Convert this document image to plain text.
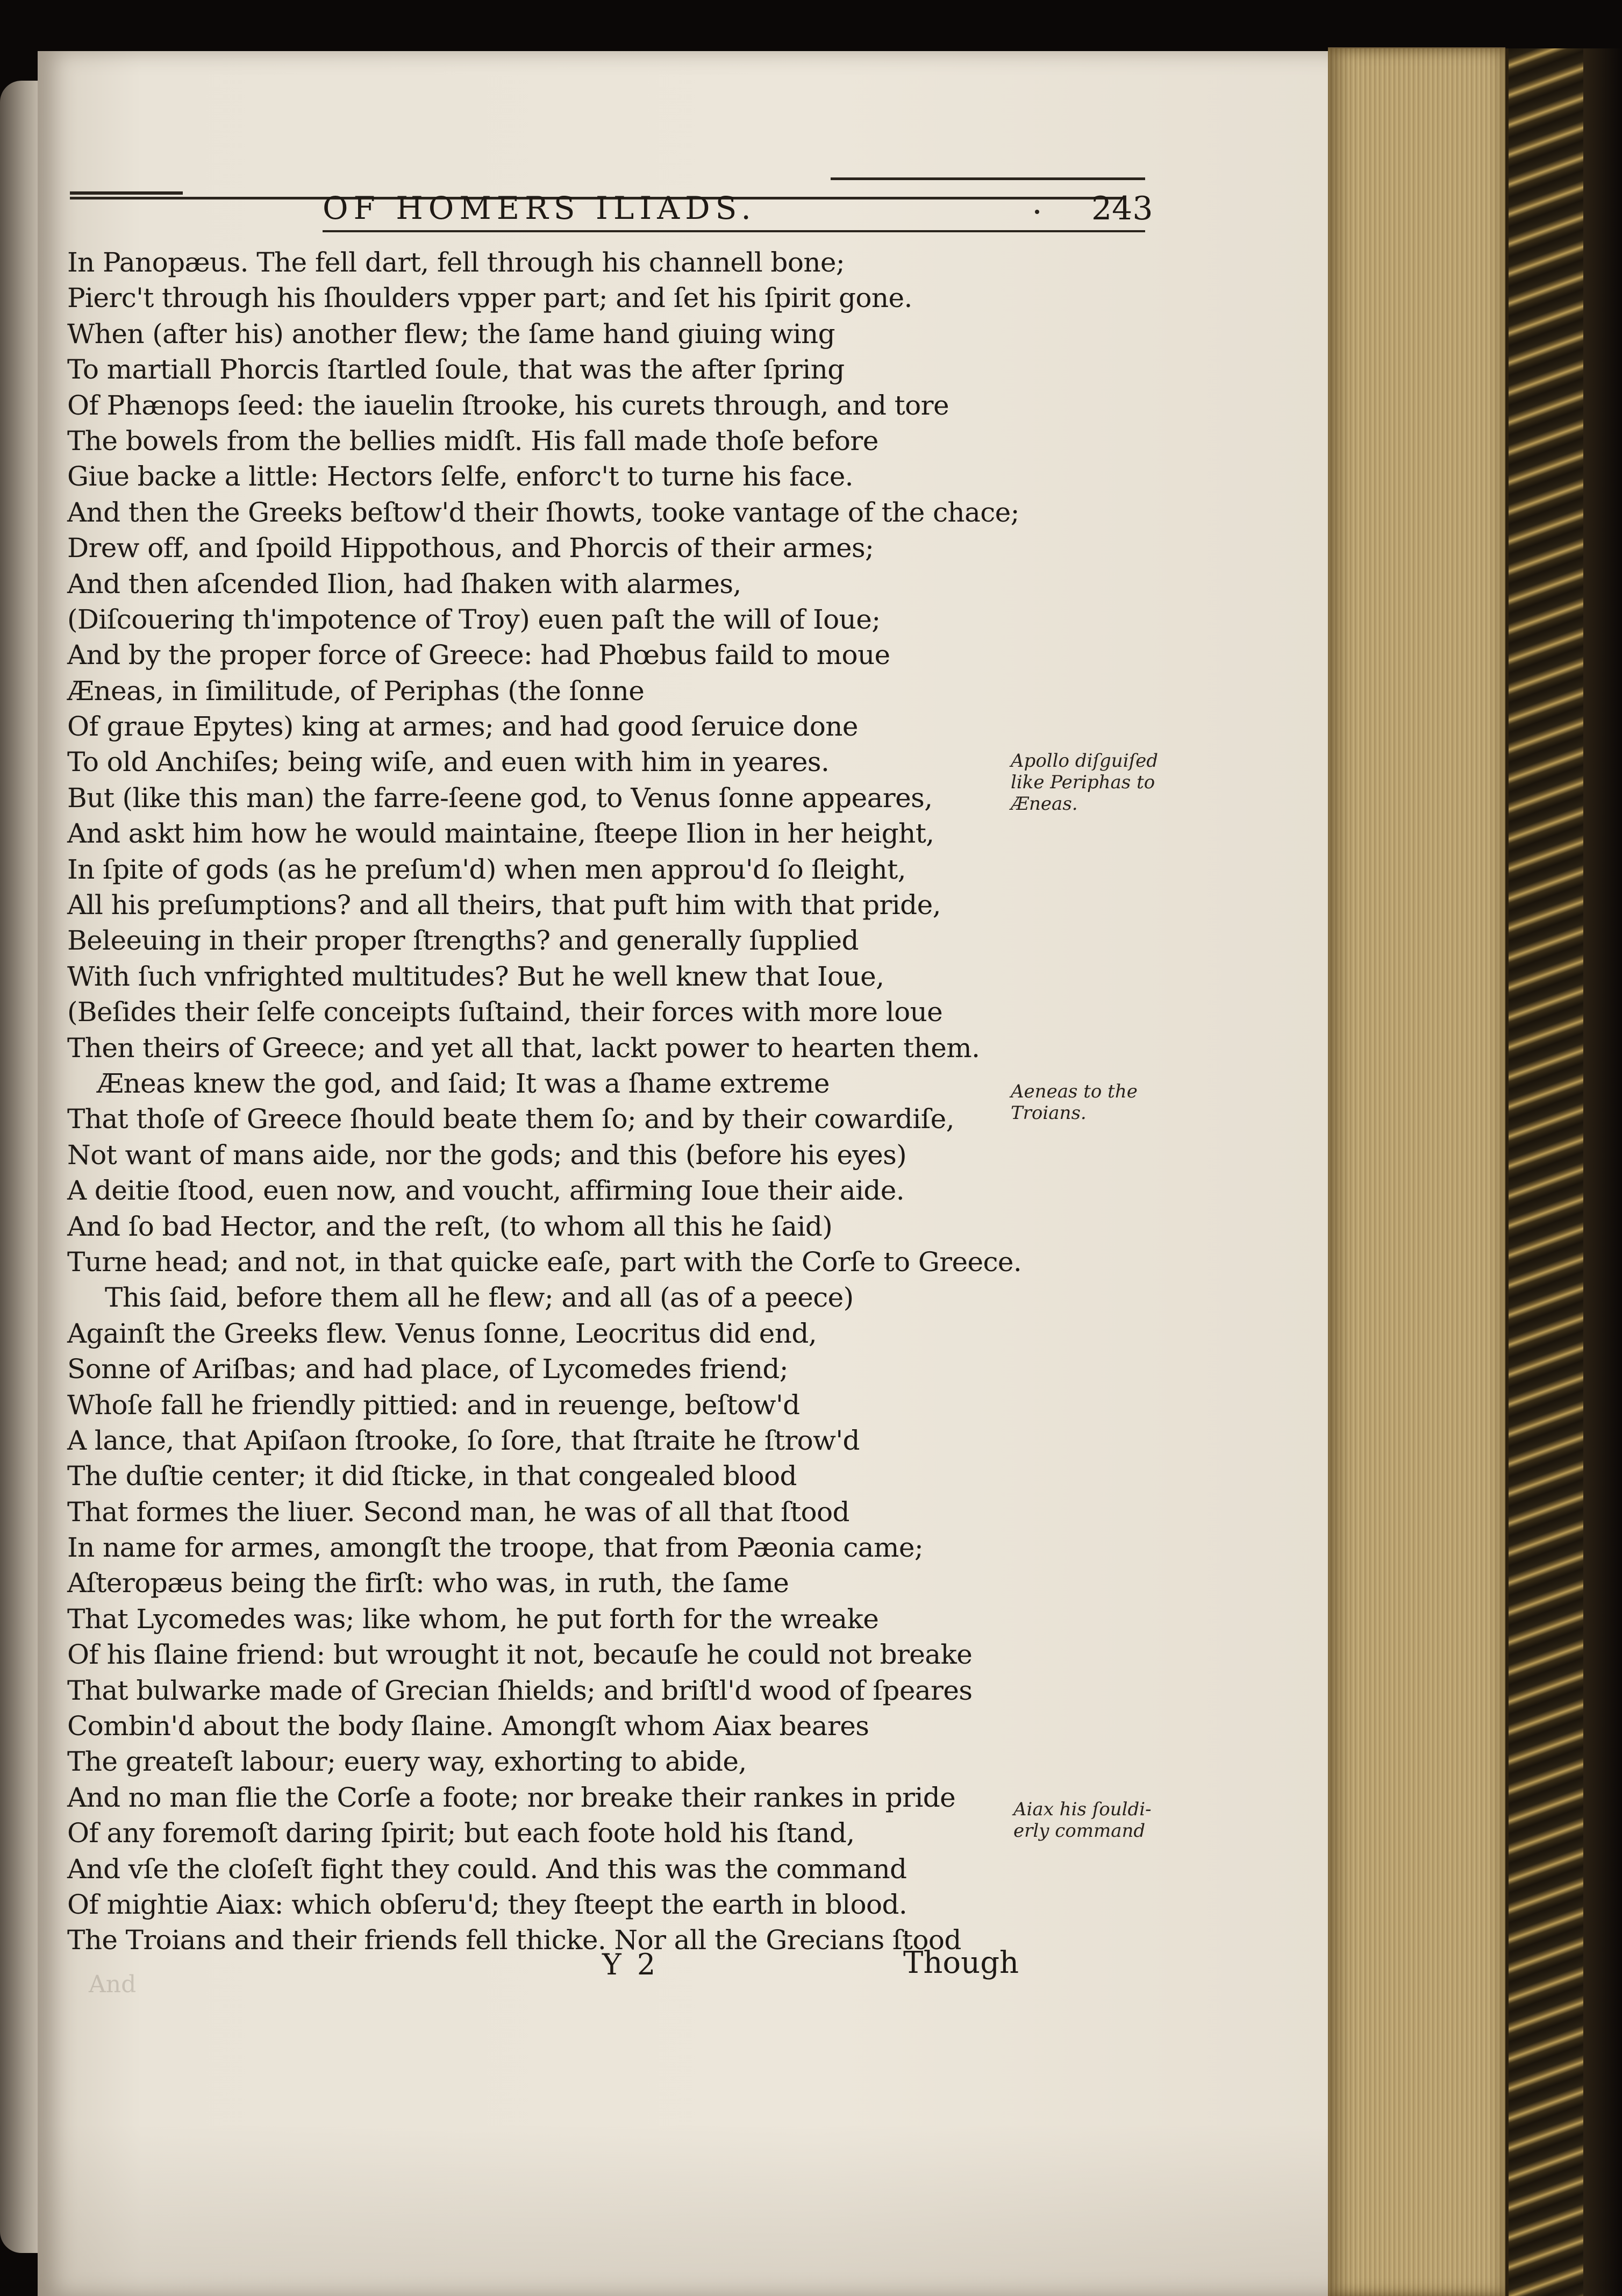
OF HOMERS ILIADS.	243
In Panopæus. The fell dart, fell through his channell bone;
Pierc't through his ſhoulders vpper part; and ſet his ſpirit gone.
When (after his) another flew; the ſame hand giuing wing
To martiall Phorcis ſtartled ſoule, that was the after ſpring
Of Phænops ſeed: the iauelin ſtrooke, his curets through, and tore
The bowels from the bellies midſt. His fall made thoſe before
Giue backe a little: Hectors ſelfe, enforc't to turne his face.
And then the Greeks beſtow'd their ſhowts, tooke vantage of the chace;
Drew off, and ſpoild Hippothous, and Phorcis of their armes;
And then aſcended Ilion, had ſhaken with alarmes,
(Diſcouering th'impotence of Troy) euen paſt the will of Ioue;
And by the proper force of Greece: had Phœbus faild to moue
Æneas, in ſimilitude, of Periphas (the ſonne
Of graue Epytes) king at armes; and had good ſeruice done
To old Anchiſes; being wiſe, and euen with him in yeares.
But (like this man) the farre-ſeene god, to Venus ſonne appeares,
And askt him how he would maintaine, ſteepe Ilion in her height,
In ſpite of gods (as he preſum'd) when men approu'd ſo ſleight,
All his preſumptions? and all theirs, that puft him with that pride,
Beleeuing in their proper ſtrengths? and generally ſupplied
With ſuch vnfrighted multitudes? But he well knew that Ioue,
(Beſides their ſelfe conceipts ſuſtaind, their forces with more loue
Then theirs of Greece; and yet all that, lackt power to hearten them.
Æneas knew the god, and ſaid; It was a ſhame extreme
That thoſe of Greece ſhould beate them ſo; and by their cowardiſe,
Not want of mans aide, nor the gods; and this (before his eyes)
A deitie ſtood, euen now, and voucht, affirming Ioue their aide.
And ſo bad Hector, and the reſt, (to whom all this he ſaid)
Turne head; and not, in that quicke eaſe, part with the Corſe to Greece.
This ſaid, before them all he flew; and all (as of a peece)
Againſt the Greeks flew. Venus ſonne, Leocritus did end,
Sonne of Ariſbas; and had place, of Lycomedes friend;
Whoſe fall he friendly pittied: and in reuenge, beſtow'd
A lance, that Apiſaon ſtrooke, ſo ſore, that ſtraite he ſtrow'd
The duſtie center; it did ſticke, in that congealed blood
That formes the liuer. Second man, he was of all that ſtood
In name for armes, amongſt the troope, that from Pæonia came;
Aſteropæus being the firſt: who was, in ruth, the ſame
That Lycomedes was; like whom, he put forth for the wreake
Of his ſlaine friend: but wrought it not, becauſe he could not breake
That bulwarke made of Grecian ſhields; and briſtl'd wood of ſpeares
Combin'd about the body ſlaine. Amongſt whom Aiax beares
The greateſt labour; euery way, exhorting to abide,
And no man flie the Corſe a foote; nor breake their rankes in pride
Of any foremoſt daring ſpirit; but each foote hold his ſtand,
And vſe the cloſeſt fight they could. And this was the command
Of mightie Aiax: which obſeru'd; they ſteept the earth in blood.
The Troians and their friends fell thicke. Nor all the Grecians ſtood
Apollo diſguiſed
like Periphas to
Æneas.
Aeneas to the
Troians.
Aiax his ſouldi-
erly command
Y 2	Though
And
